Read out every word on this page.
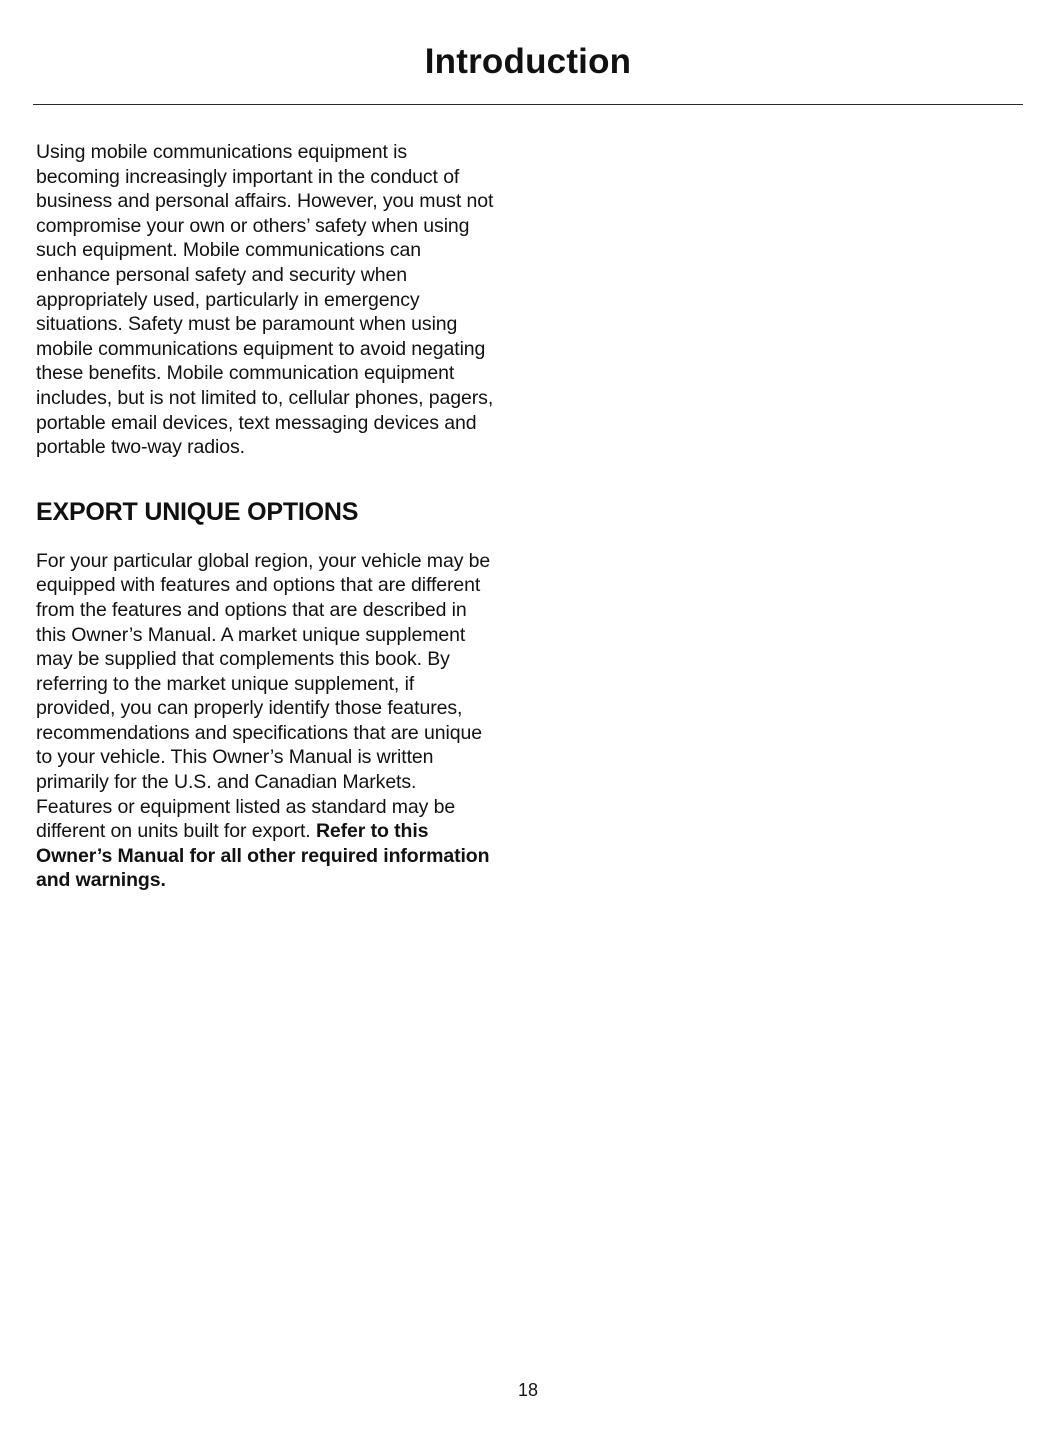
Introduction

Using mobile communications equipment is becoming increasingly important in the conduct of business and personal affairs. However, you must not compromise your own or others’ safety when using such equipment. Mobile communications can enhance personal safety and security when appropriately used, particularly in emergency situations. Safety must be paramount when using mobile communications equipment to avoid negating these benefits. Mobile communication equipment includes, but is not limited to, cellular phones, pagers, portable email devices, text messaging devices and portable two-way radios.

EXPORT UNIQUE OPTIONS

For your particular global region, your vehicle may be equipped with features and options that are different from the features and options that are described in this Owner’s Manual. A market unique supplement may be supplied that complements this book. By referring to the market unique supplement, if provided, you can properly identify those features, recommendations and specifications that are unique to your vehicle. This Owner’s Manual is written primarily for the U.S. and Canadian Markets. Features or equipment listed as standard may be different on units built for export. Refer to this Owner’s Manual for all other required information and warnings.

18
